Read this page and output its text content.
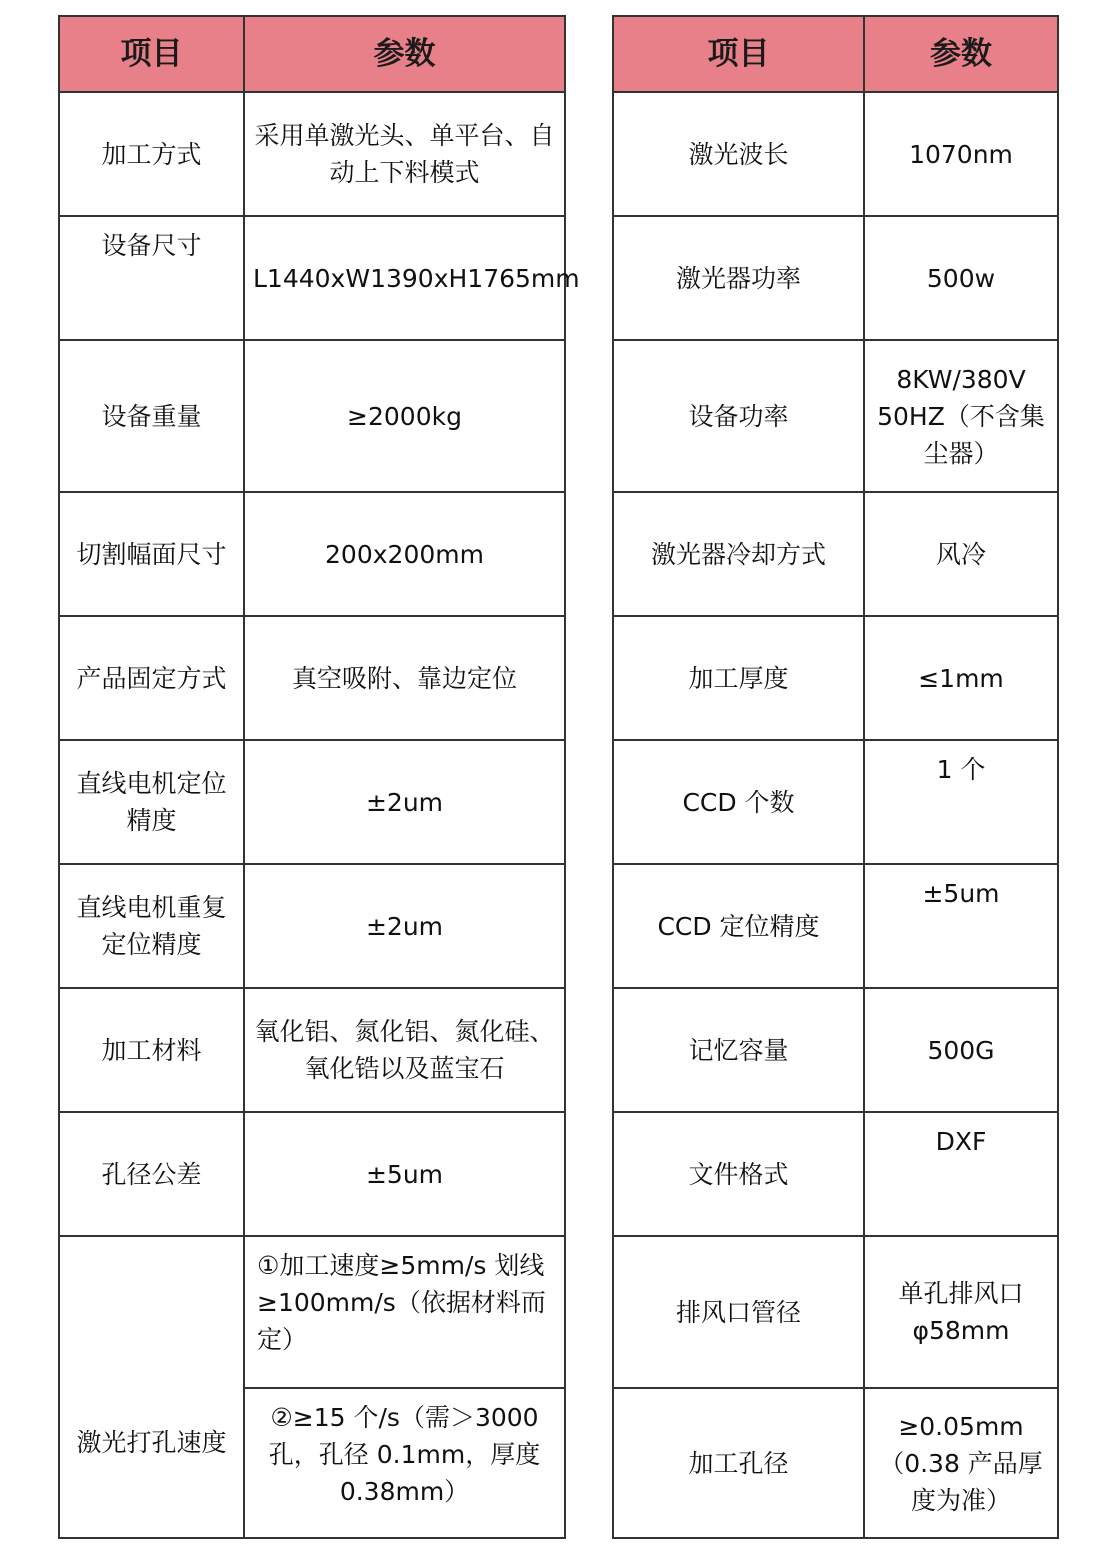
项目	参数
加工方式	采用单激光头、单平台、自动上下料模式
设备尺寸	L1440xW1390xH1765mm
设备重量	≥2000kg
切割幅面尺寸	200x200mm
产品固定方式	真空吸附、靠边定位
直线电机定位精度	±2um
直线电机重复定位精度	±2um
加工材料	氧化铝、氮化铝、氮化硅、氧化锆以及蓝宝石
孔径公差	±5um
激光打孔速度	①加工速度≥5mm/s 划线≥100mm/s（依据材料而定）
	②≥15 个/s（需＞3000 孔，孔径 0.1mm，厚度 0.38mm）
项目	参数
激光波长	1070nm
激光器功率	500w
设备功率	8KW/380V 50HZ（不含集尘器）
激光器冷却方式	风冷
加工厚度	≤1mm
CCD 个数	1 个
CCD 定位精度	±5um
记忆容量	500G
文件格式	DXF
排风口管径	单孔排风口 φ58mm
加工孔径	≥0.05mm（0.38 产品厚度为准）
